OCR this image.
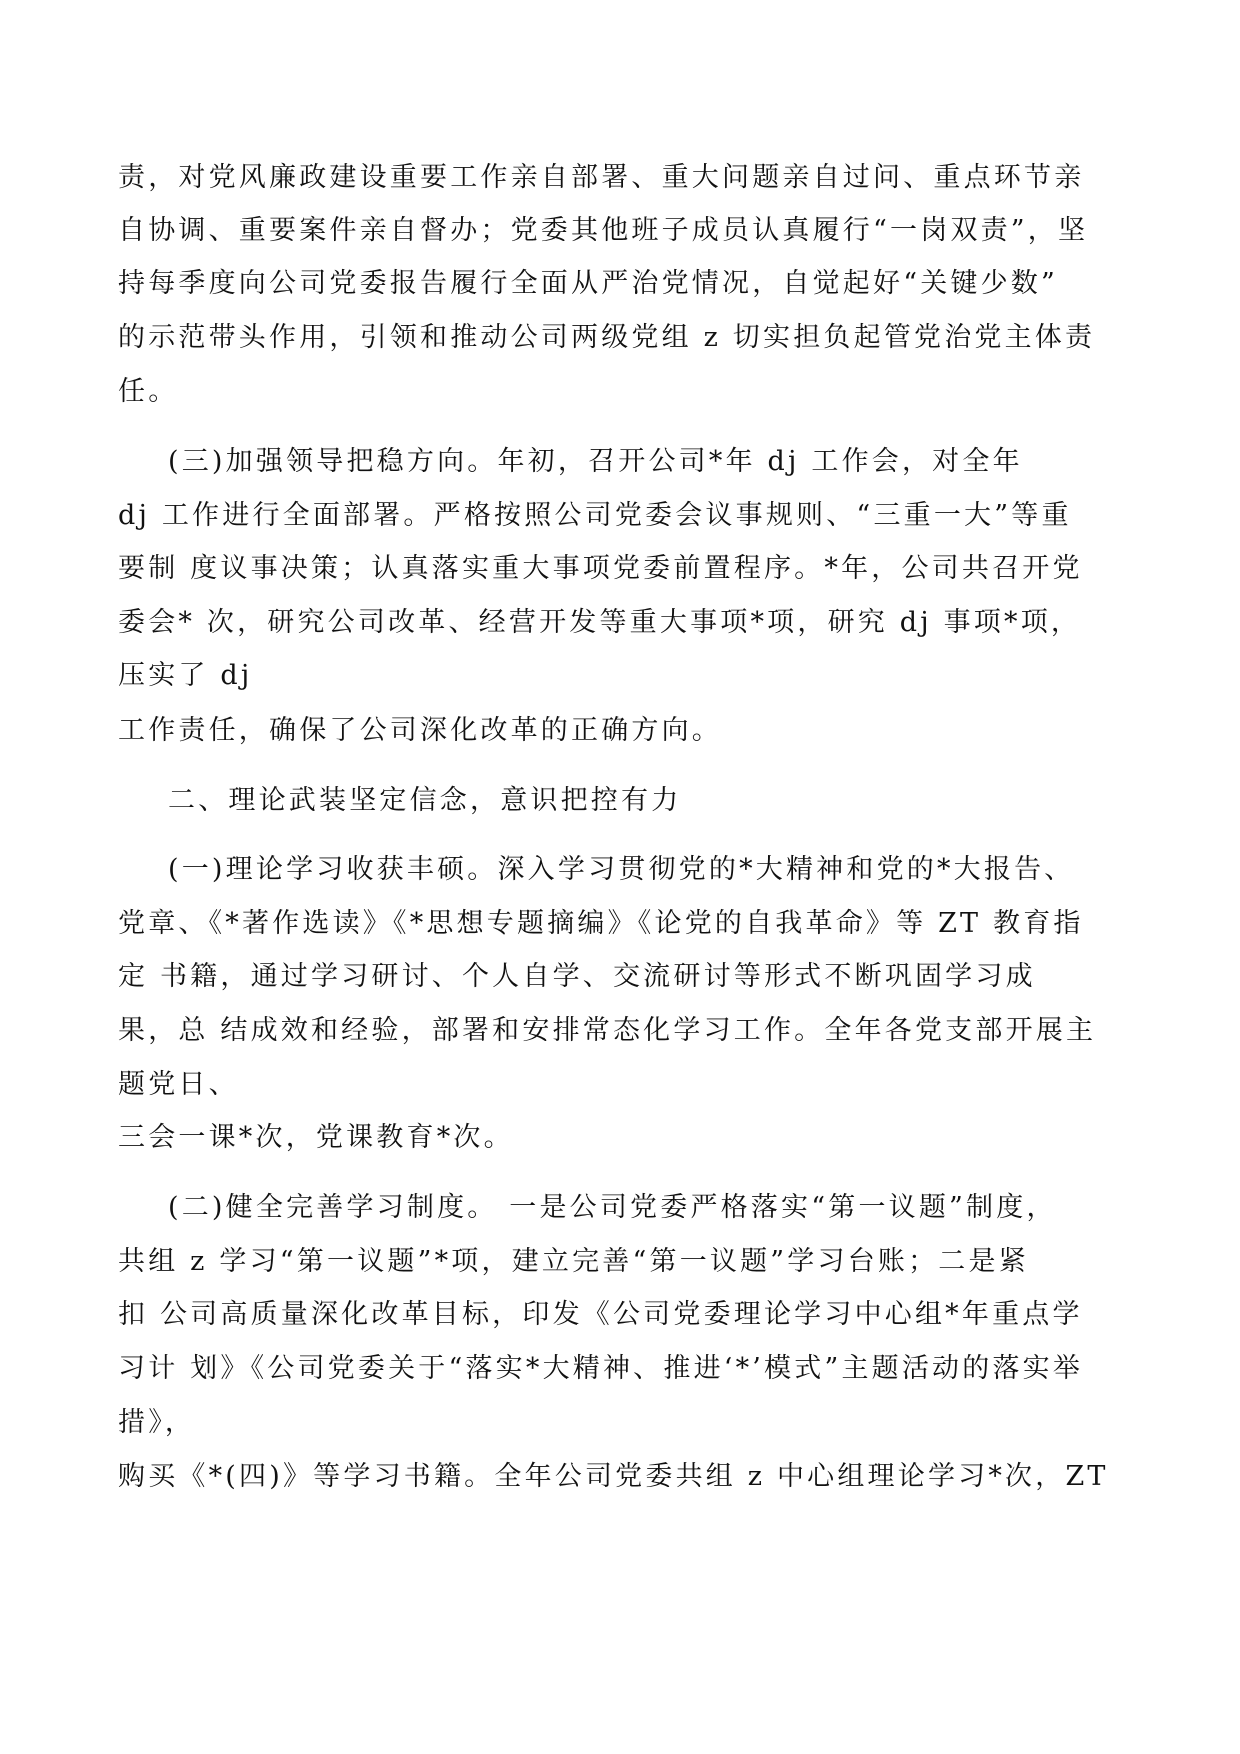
责，对党风廉政建设重要工作亲自部署、重大问题亲自过问、重点环节亲
自协调、重要案件亲自督办；党委其他班子成员认真履行“一岗双责”，坚
持每季度向公司党委报告履行全面从严治党情况，自觉起好“关键少数”
的示范带头作用，引领和推动公司两级党组 z 切实担负起管党治党主体责
任。
(三)加强领导把稳方向。年初，召开公司*年 dj 工作会，对全年
dj 工作进行全面部署。严格按照公司党委会议事规则、“三重一大”等重
要制 度议事决策；认真落实重大事项党委前置程序。*年，公司共召开党
委会* 次，研究公司改革、经营开发等重大事项*项，研究 dj 事项*项，
压实了 dj
工作责任，确保了公司深化改革的正确方向。
二、理论武装坚定信念，意识把控有力
(一)理论学习收获丰硕。深入学习贯彻党的*大精神和党的*大报告、
党章、《*著作选读》《*思想专题摘编》《论党的自我革命》等 ZT 教育指
定 书籍，通过学习研讨、个人自学、交流研讨等形式不断巩固学习成
果，总 结成效和经验，部署和安排常态化学习工作。全年各党支部开展主
题党日、
三会一课*次，党课教育*次。
(二)健全完善学习制度。 一是公司党委严格落实“第一议题”制度，
共组 z 学习“第一议题”*项，建立完善“第一议题”学习台账；二是紧
扣 公司高质量深化改革目标，印发《公司党委理论学习中心组*年重点学
习计 划》《公司党委关于“落实*大精神、推进‘*’模式”主题活动的落实举
措》，
购买《*(四)》等学习书籍。全年公司党委共组 z 中心组理论学习*次，ZT
